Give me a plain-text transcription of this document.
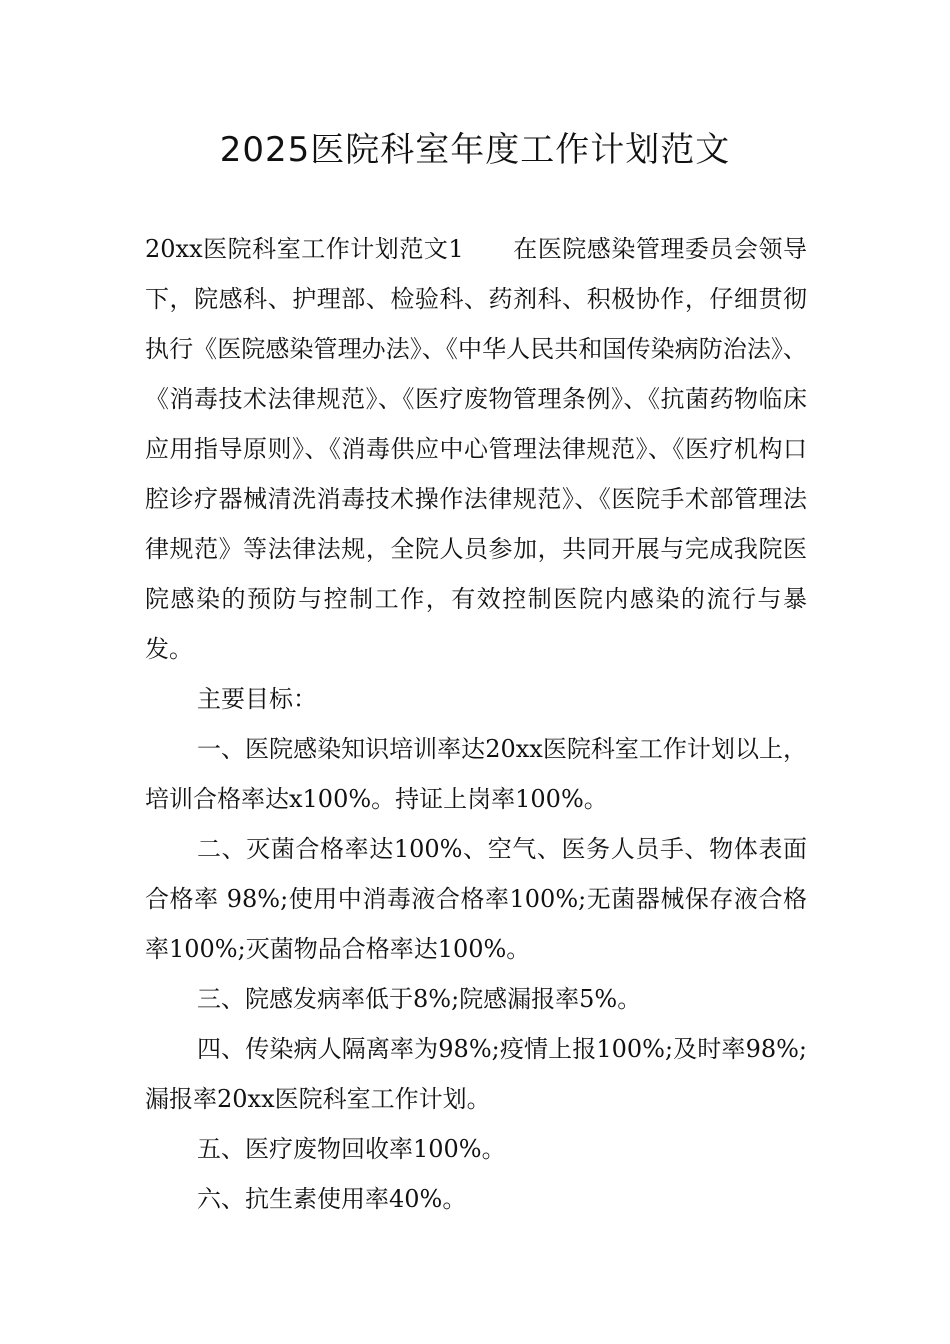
2025医院科室年度工作计划范文

20xx医院科室工作计划范文1　　在医院感染管理委员会领导下，院感科、护理部、检验科、药剂科、积极协作，仔细贯彻执行《医院感染管理办法》、《中华人民共和国传染病防治法》、《消毒技术法律规范》、《医疗废物管理条例》、《抗菌药物临床应用指导原则》、《消毒供应中心管理法律规范》、《医疗机构口腔诊疗器械清洗消毒技术操作法律规范》、《医院手术部管理法律规范》等法律法规，全院人员参加，共同开展与完成我院医院感染的预防与控制工作，有效控制医院内感染的流行与暴发。

主要目标：

一、医院感染知识培训率达20xx医院科室工作计划以上，培训合格率达x100%。持证上岗率100%。

二、灭菌合格率达100%、空气、医务人员手、物体表面合格率 98%;使用中消毒液合格率100%;无菌器械保存液合格率100%;灭菌物品合格率达100%。

三、院感发病率低于8%;院感漏报率5%。

四、传染病人隔离率为98%;疫情上报100%;及时率98%;漏报率20xx医院科室工作计划。

五、医疗废物回收率100%。

六、抗生素使用率40%。
